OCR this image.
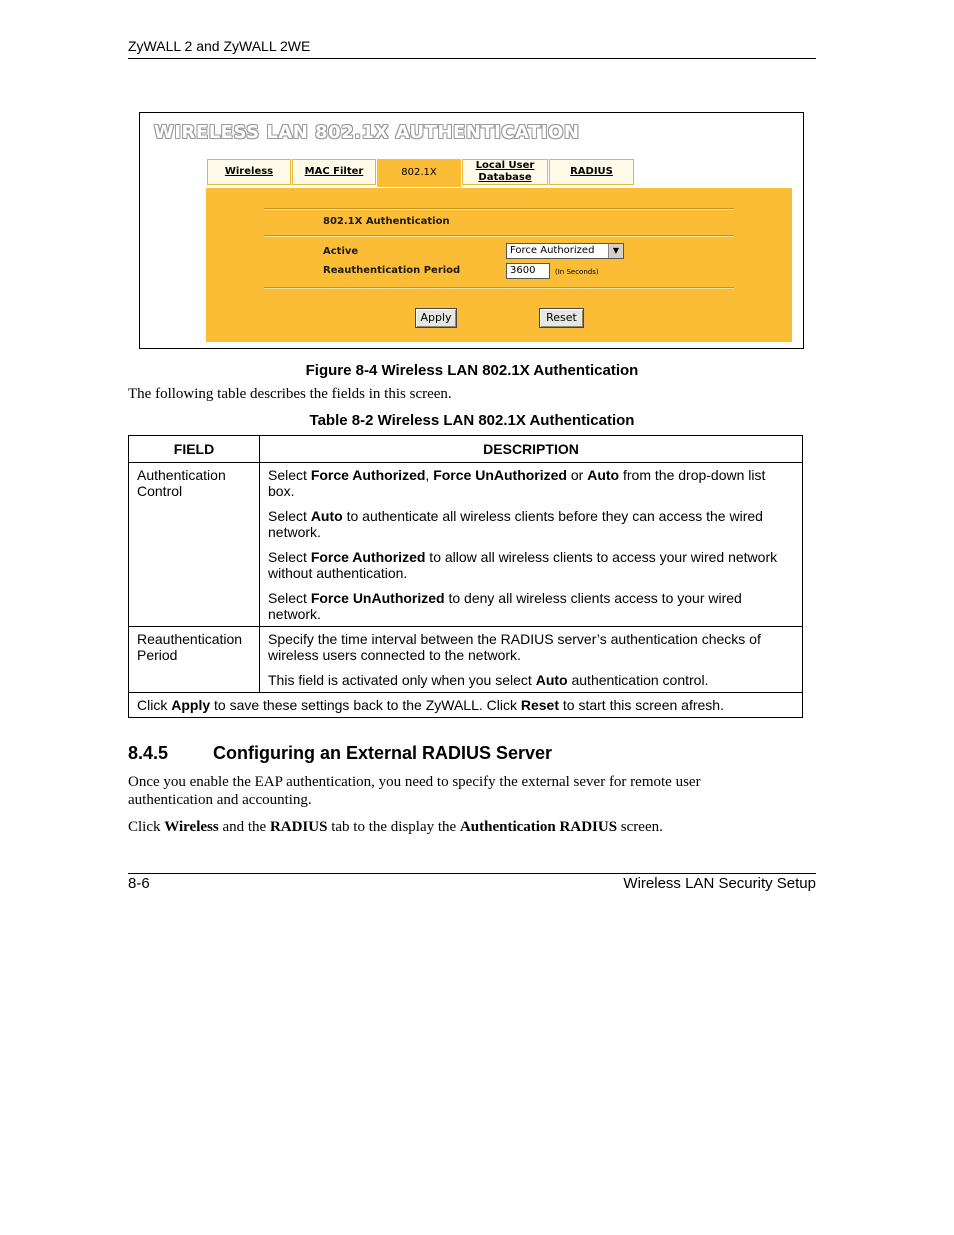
ZyWALL 2 and ZyWALL 2WE
WIRELESS LAN 802.1X AUTHENTICATION
Wireless	MAC Filter	802.1X
Local User Database
RADIUS
802.1X Authentication
Active	Force Authorized	▼
Reauthentication Period	3600	(In Seconds)
Apply	Reset
Figure 8-4 Wireless LAN 802.1X Authentication
The following table describes the fields in this screen.
Table 8-2 Wireless LAN 802.1X Authentication
FIELD	DESCRIPTION
Authentication Control	Select Force Authorized, Force UnAuthorized or Auto from the drop-down list box.

Select Auto to authenticate all wireless clients before they can access the wired network.

Select Force Authorized to allow all wireless clients to access your wired network without authentication.

Select Force UnAuthorized to deny all wireless clients access to your wired network.

Reauthentication Period	Specify the time interval between the RADIUS server’s authentication checks of wireless users connected to the network.

This field is activated only when you select Auto authentication control.

Click Apply to save these settings back to the ZyWALL. Click Reset to start this screen afresh.	
8.4.5 Configuring an External RADIUS Server
Once you enable the EAP authentication, you need to specify the external sever for remote user authentication and accounting.
Click Wireless and the RADIUS tab to the display the Authentication RADIUS screen.
8-6	Wireless LAN Security Setup
